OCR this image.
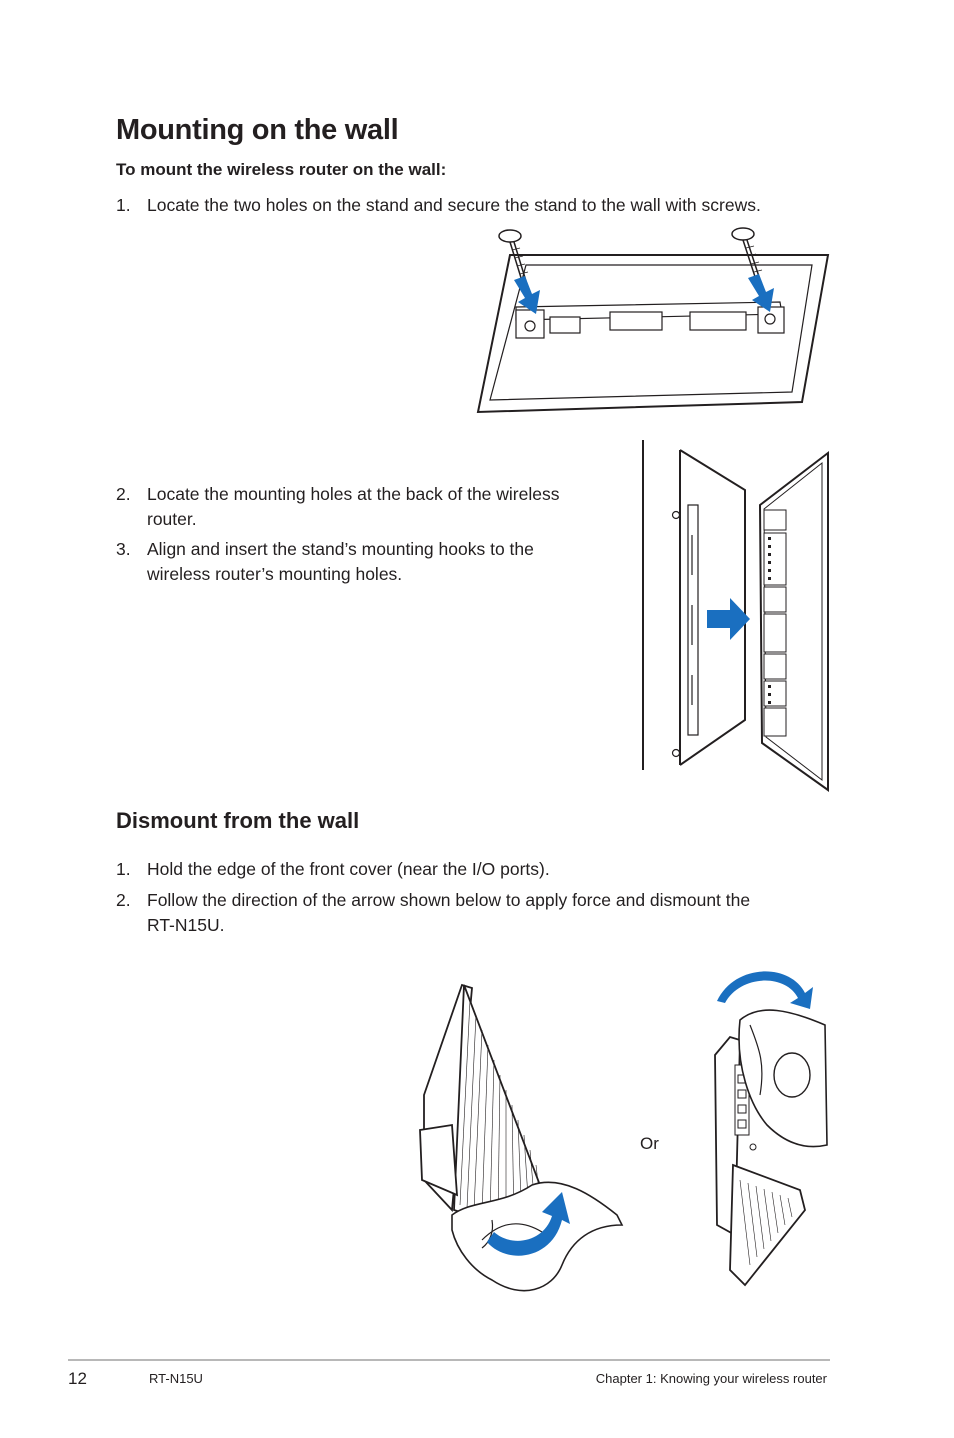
Mounting on the wall
To mount the wireless router on the wall:
1. Locate the two holes on the stand and secure the stand to the wall with screws.
2. Locate the mounting holes at the back of the wireless
router.
3. Align and insert the stand’s mounting hooks to the
wireless router’s mounting holes.
Dismount from the wall
1. Hold the edge of the front cover (near the I/O ports).
2. Follow the direction of the arrow shown below to apply force and dismount the
RT-N15U.
Or
12	RT-N15U	Chapter 1: Knowing your wireless router
